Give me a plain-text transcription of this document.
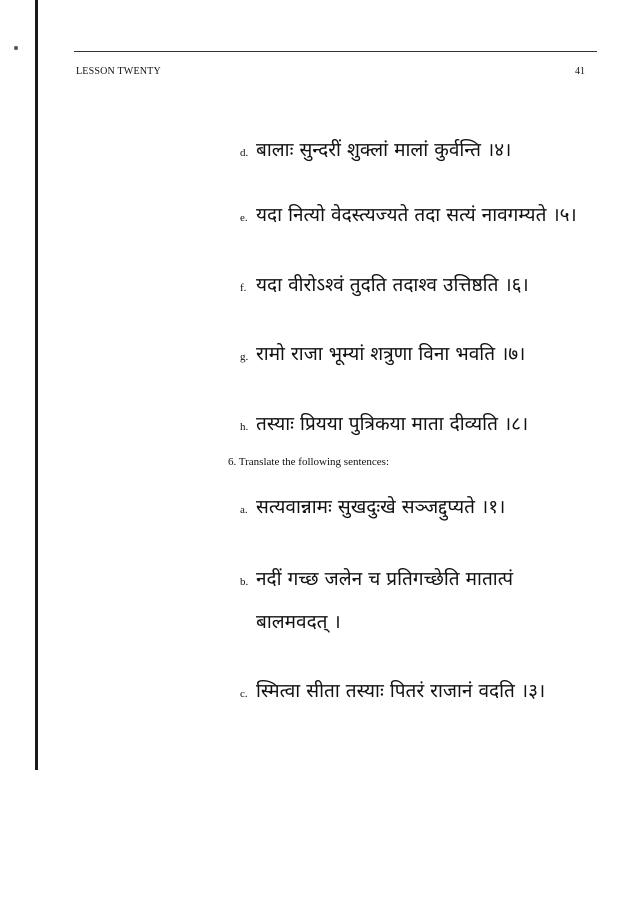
LESSON TWENTY	41
d. बालाः सुन्दरीं शुक्लां मालां कुर्वन्ति ।४।
e. यदा नित्यो वेदस्त्यज्यते तदा सत्यं नावगम्यते ।५।
f. यदा वीरोऽश्वं तुदति तदाश्व उत्तिष्ठति ।६।
g. रामो राजा भूम्यां शत्रुणा विना भवति ।७।
h. तस्याः प्रियया पुत्रिकया माता दीव्यति ।८।
6. Translate the following sentences:
a. सत्यवान्नामः सुखदुःखे सञ्जद्दुप्यते ।१।
b. नदीं गच्छ जलेन च प्रतिगच्छेति मातात्पं
बालमवदत् ।
c. स्मित्वा सीता तस्याः पितरं राजानं वदति ।३।
